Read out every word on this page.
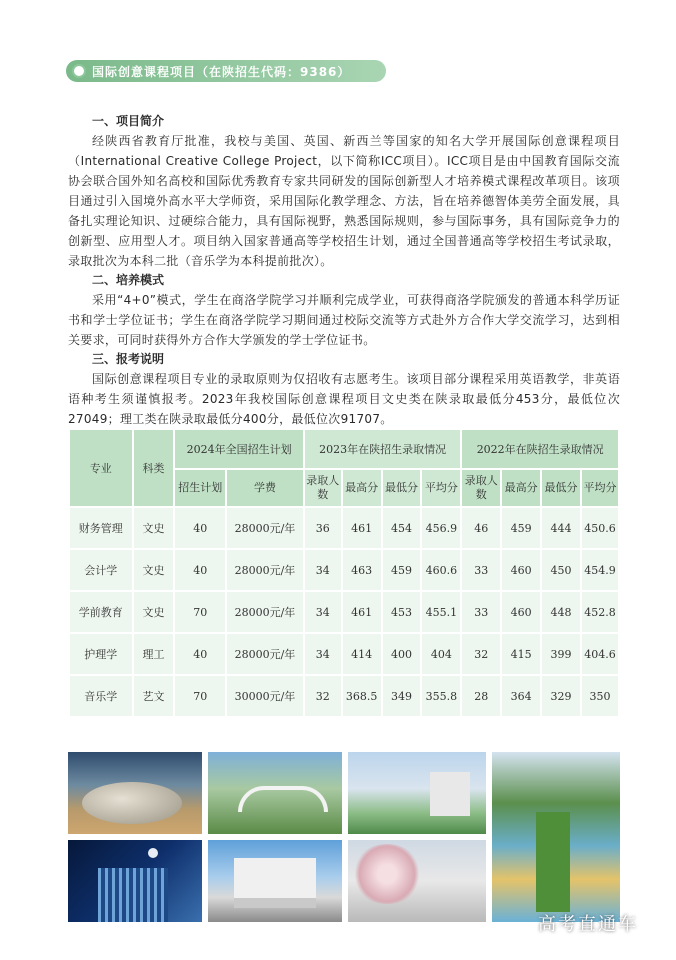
国际创意课程项目（在陕招生代码：9386）
一、项目简介

经陕西省教育厅批准，我校与美国、英国、新西兰等国家的知名大学开展国际创意课程项目（International Creative College Project，以下简称ICC项目）。ICC项目是由中国教育国际交流协会联合国外知名高校和国际优秀教育专家共同研发的国际创新型人才培养模式课程改革项目。该项目通过引入国境外高水平大学师资，采用国际化教学理念、方法，旨在培养德智体美劳全面发展，具备扎实理论知识、过硬综合能力，具有国际视野，熟悉国际规则，参与国际事务，具有国际竞争力的创新型、应用型人才。项目纳入国家普通高等学校招生计划，通过全国普通高等学校招生考试录取，录取批次为本科二批（音乐学为本科提前批次）。

二、培养模式

采用“4+0”模式，学生在商洛学院学习并顺利完成学业，可获得商洛学院颁发的普通本科学历证书和学士学位证书；学生在商洛学院学习期间通过校际交流等方式赴外方合作大学交流学习，达到相关要求，可同时获得外方合作大学颁发的学士学位证书。

三、报考说明

国际创意课程项目专业的录取原则为仅招收有志愿考生。该项目部分课程采用英语教学，非英语语种考生须谨慎报考。2023年我校国际创意课程项目文史类在陕录取最低分453分，最低位次27049；理工类在陕录取最低分400分，最低位次91707。

专业	科类	2024年全国招生计划		2023年在陕招生录取情况				2022年在陕招生录取情况			
		招生计划	学费	录取人数	最高分	最低分	平均分	录取人数	最高分	最低分	平均分
财务管理	文史	40	28000元/年	36	461	454	456.9	46	459	444	450.6
会计学	文史	40	28000元/年	34	463	459	460.6	33	460	450	454.9
学前教育	文史	70	28000元/年	34	461	453	455.1	33	460	448	452.8
护理学	理工	40	28000元/年	34	414	400	404	32	415	399	404.6
音乐学	艺文	70	30000元/年	32	368.5	349	355.8	28	364	329	350
高考直通车
